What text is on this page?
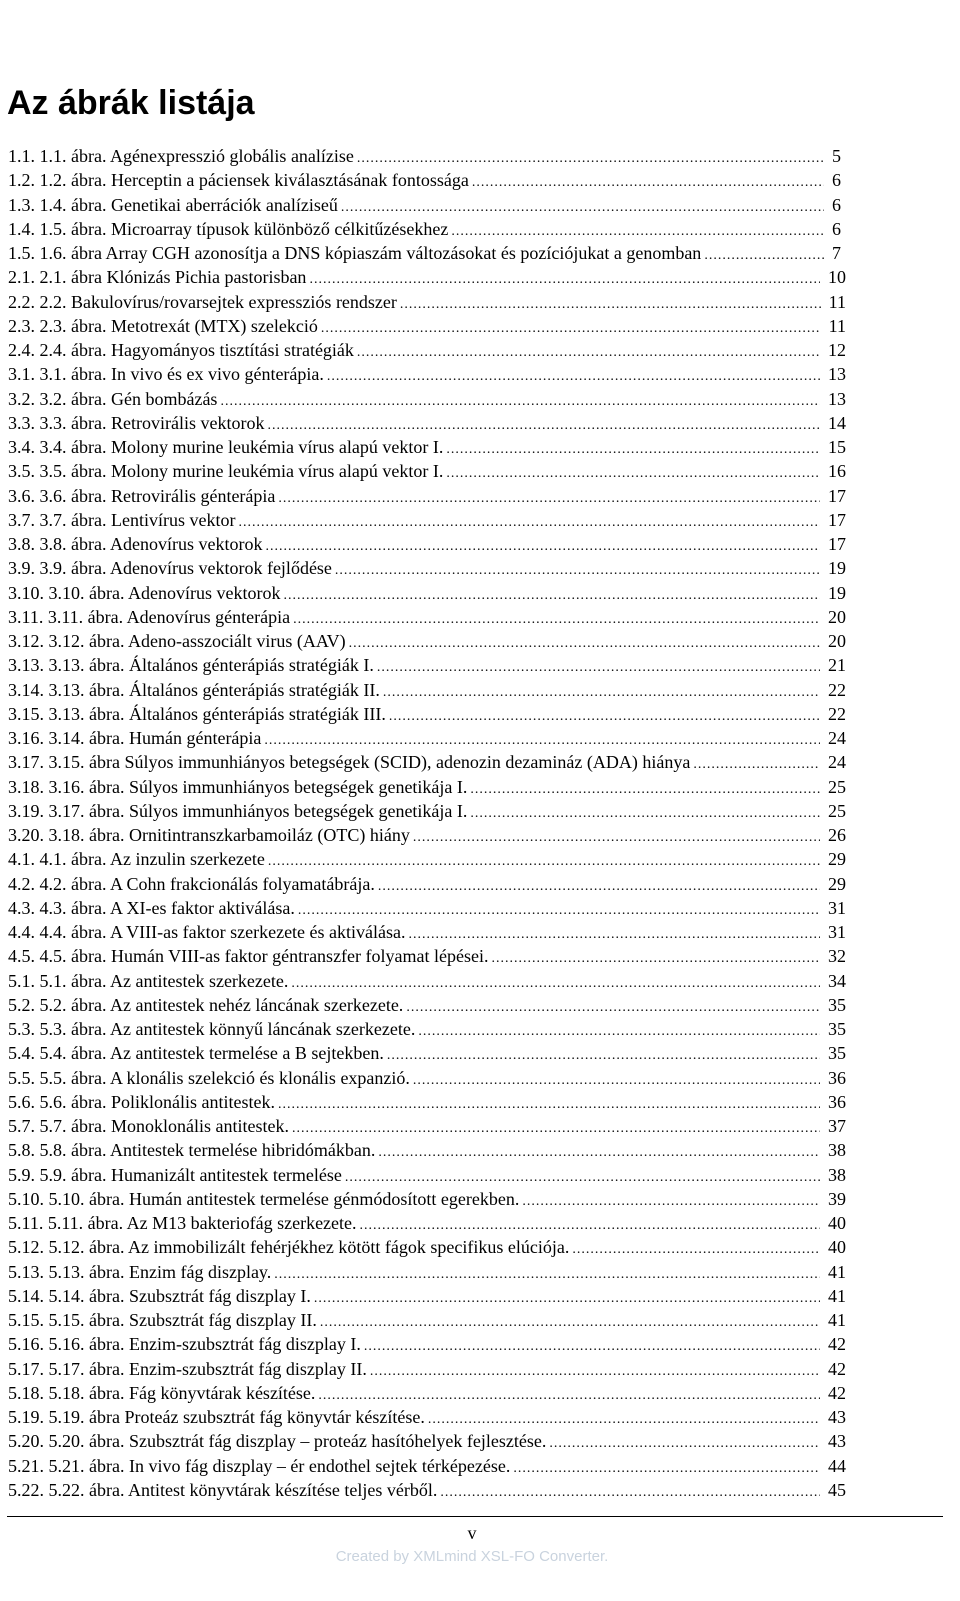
Az ábrák listája
1.1. 1.1. ábra. Agénexpresszió globális analízise .....	5
1.2. 1.2. ábra. Herceptin a páciensek kiválasztásának fontossága .....	6
1.3. 1.4. ábra. Genetikai aberrációk analíziseű .....	6
1.4. 1.5. ábra. Microarray típusok különböző célkitűzésekhez .....	6
1.5. 1.6. ábra Array CGH azonosítja a DNS kópiaszám változásokat és pozíciójukat a genomban .....	7
2.1. 2.1. ábra Klónizás Pichia pastorisban .....	10
2.2. 2.2. Bakulovírus/rovarsejtek expressziós rendszer .....	11
2.3. 2.3. ábra. Metotrexát (MTX) szelekció .....	11
2.4. 2.4. ábra. Hagyományos tisztítási stratégiák .....	12
3.1. 3.1. ábra. In vivo és ex vivo génterápia. .....	13
3.2. 3.2. ábra. Gén bombázás .....	13
3.3. 3.3. ábra. Retrovirális vektorok .....	14
3.4. 3.4. ábra. Molony murine leukémia vírus alapú vektor I. .....	15
3.5. 3.5. ábra. Molony murine leukémia vírus alapú vektor I. .....	16
3.6. 3.6. ábra. Retrovirális génterápia .....	17
3.7. 3.7. ábra. Lentivírus vektor .....	17
3.8. 3.8. ábra. Adenovírus vektorok .....	17
3.9. 3.9. ábra. Adenovírus vektorok fejlődése .....	19
3.10. 3.10. ábra. Adenovírus vektorok .....	19
3.11. 3.11. ábra. Adenovírus génterápia .....	20
3.12. 3.12. ábra. Adeno-asszociált virus (AAV) .....	20
3.13. 3.13. ábra. Általános génterápiás stratégiák I. .....	21
3.14. 3.13. ábra. Általános génterápiás stratégiák II. .....	22
3.15. 3.13. ábra. Általános génterápiás stratégiák III. .....	22
3.16. 3.14. ábra. Humán génterápia .....	24
3.17. 3.15. ábra Súlyos immunhiányos betegségek (SCID), adenozin dezamináz (ADA) hiánya .....	24
3.18. 3.16. ábra. Súlyos immunhiányos betegségek genetikája I. .....	25
3.19. 3.17. ábra. Súlyos immunhiányos betegségek genetikája I. .....	25
3.20. 3.18. ábra. Ornitintranszkarbamoiláz (OTC) hiány .....	26
4.1. 4.1. ábra. Az inzulin szerkezete .....	29
4.2. 4.2. ábra. A Cohn frakcionálás folyamatábrája. .....	29
4.3. 4.3. ábra. A XI-es faktor aktiválása. .....	31
4.4. 4.4. ábra. A VIII-as faktor szerkezete és aktiválása. .....	31
4.5. 4.5. ábra. Humán VIII-as faktor géntranszfer folyamat lépései. .....	32
5.1. 5.1. ábra. Az antitestek szerkezete. .....	34
5.2. 5.2. ábra. Az antitestek nehéz láncának szerkezete. .....	35
5.3. 5.3. ábra. Az antitestek könnyű láncának szerkezete. .....	35
5.4. 5.4. ábra. Az antitestek termelése a B sejtekben. .....	35
5.5. 5.5. ábra. A klonális szelekció és klonális expanzió. .....	36
5.6. 5.6. ábra. Poliklonális antitestek. .....	36
5.7. 5.7. ábra. Monoklonális antitestek. .....	37
5.8. 5.8. ábra. Antitestek termelése hibridómákban. .....	38
5.9. 5.9. ábra. Humanizált antitestek termelése .....	38
5.10. 5.10. ábra. Humán antitestek termelése génmódosított egerekben. .....	39
5.11. 5.11. ábra. Az M13 bakteriofág szerkezete. .....	40
5.12. 5.12. ábra. Az immobilizált fehérjékhez kötött fágok specifikus elúciója. .....	40
5.13. 5.13. ábra. Enzim fág diszplay. .....	41
5.14. 5.14. ábra. Szubsztrát fág diszplay I. .....	41
5.15. 5.15. ábra. Szubsztrát fág diszplay II. .....	41
5.16. 5.16. ábra. Enzim-szubsztrát fág diszplay I. .....	42
5.17. 5.17. ábra. Enzim-szubsztrát fág diszplay II. .....	42
5.18. 5.18. ábra. Fág könyvtárak készítése. .....	42
5.19. 5.19. ábra Proteáz szubsztrát fág könyvtár készítése. .....	43
5.20. 5.20. ábra. Szubsztrát fág diszplay – proteáz hasítóhelyek fejlesztése. .....	43
5.21. 5.21. ábra. In vivo fág diszplay – ér endothel sejtek térképezése. .....	44
5.22. 5.22. ábra. Antitest könyvtárak készítése teljes vérből. .....	45
v
Created by XMLmind XSL-FO Converter.
